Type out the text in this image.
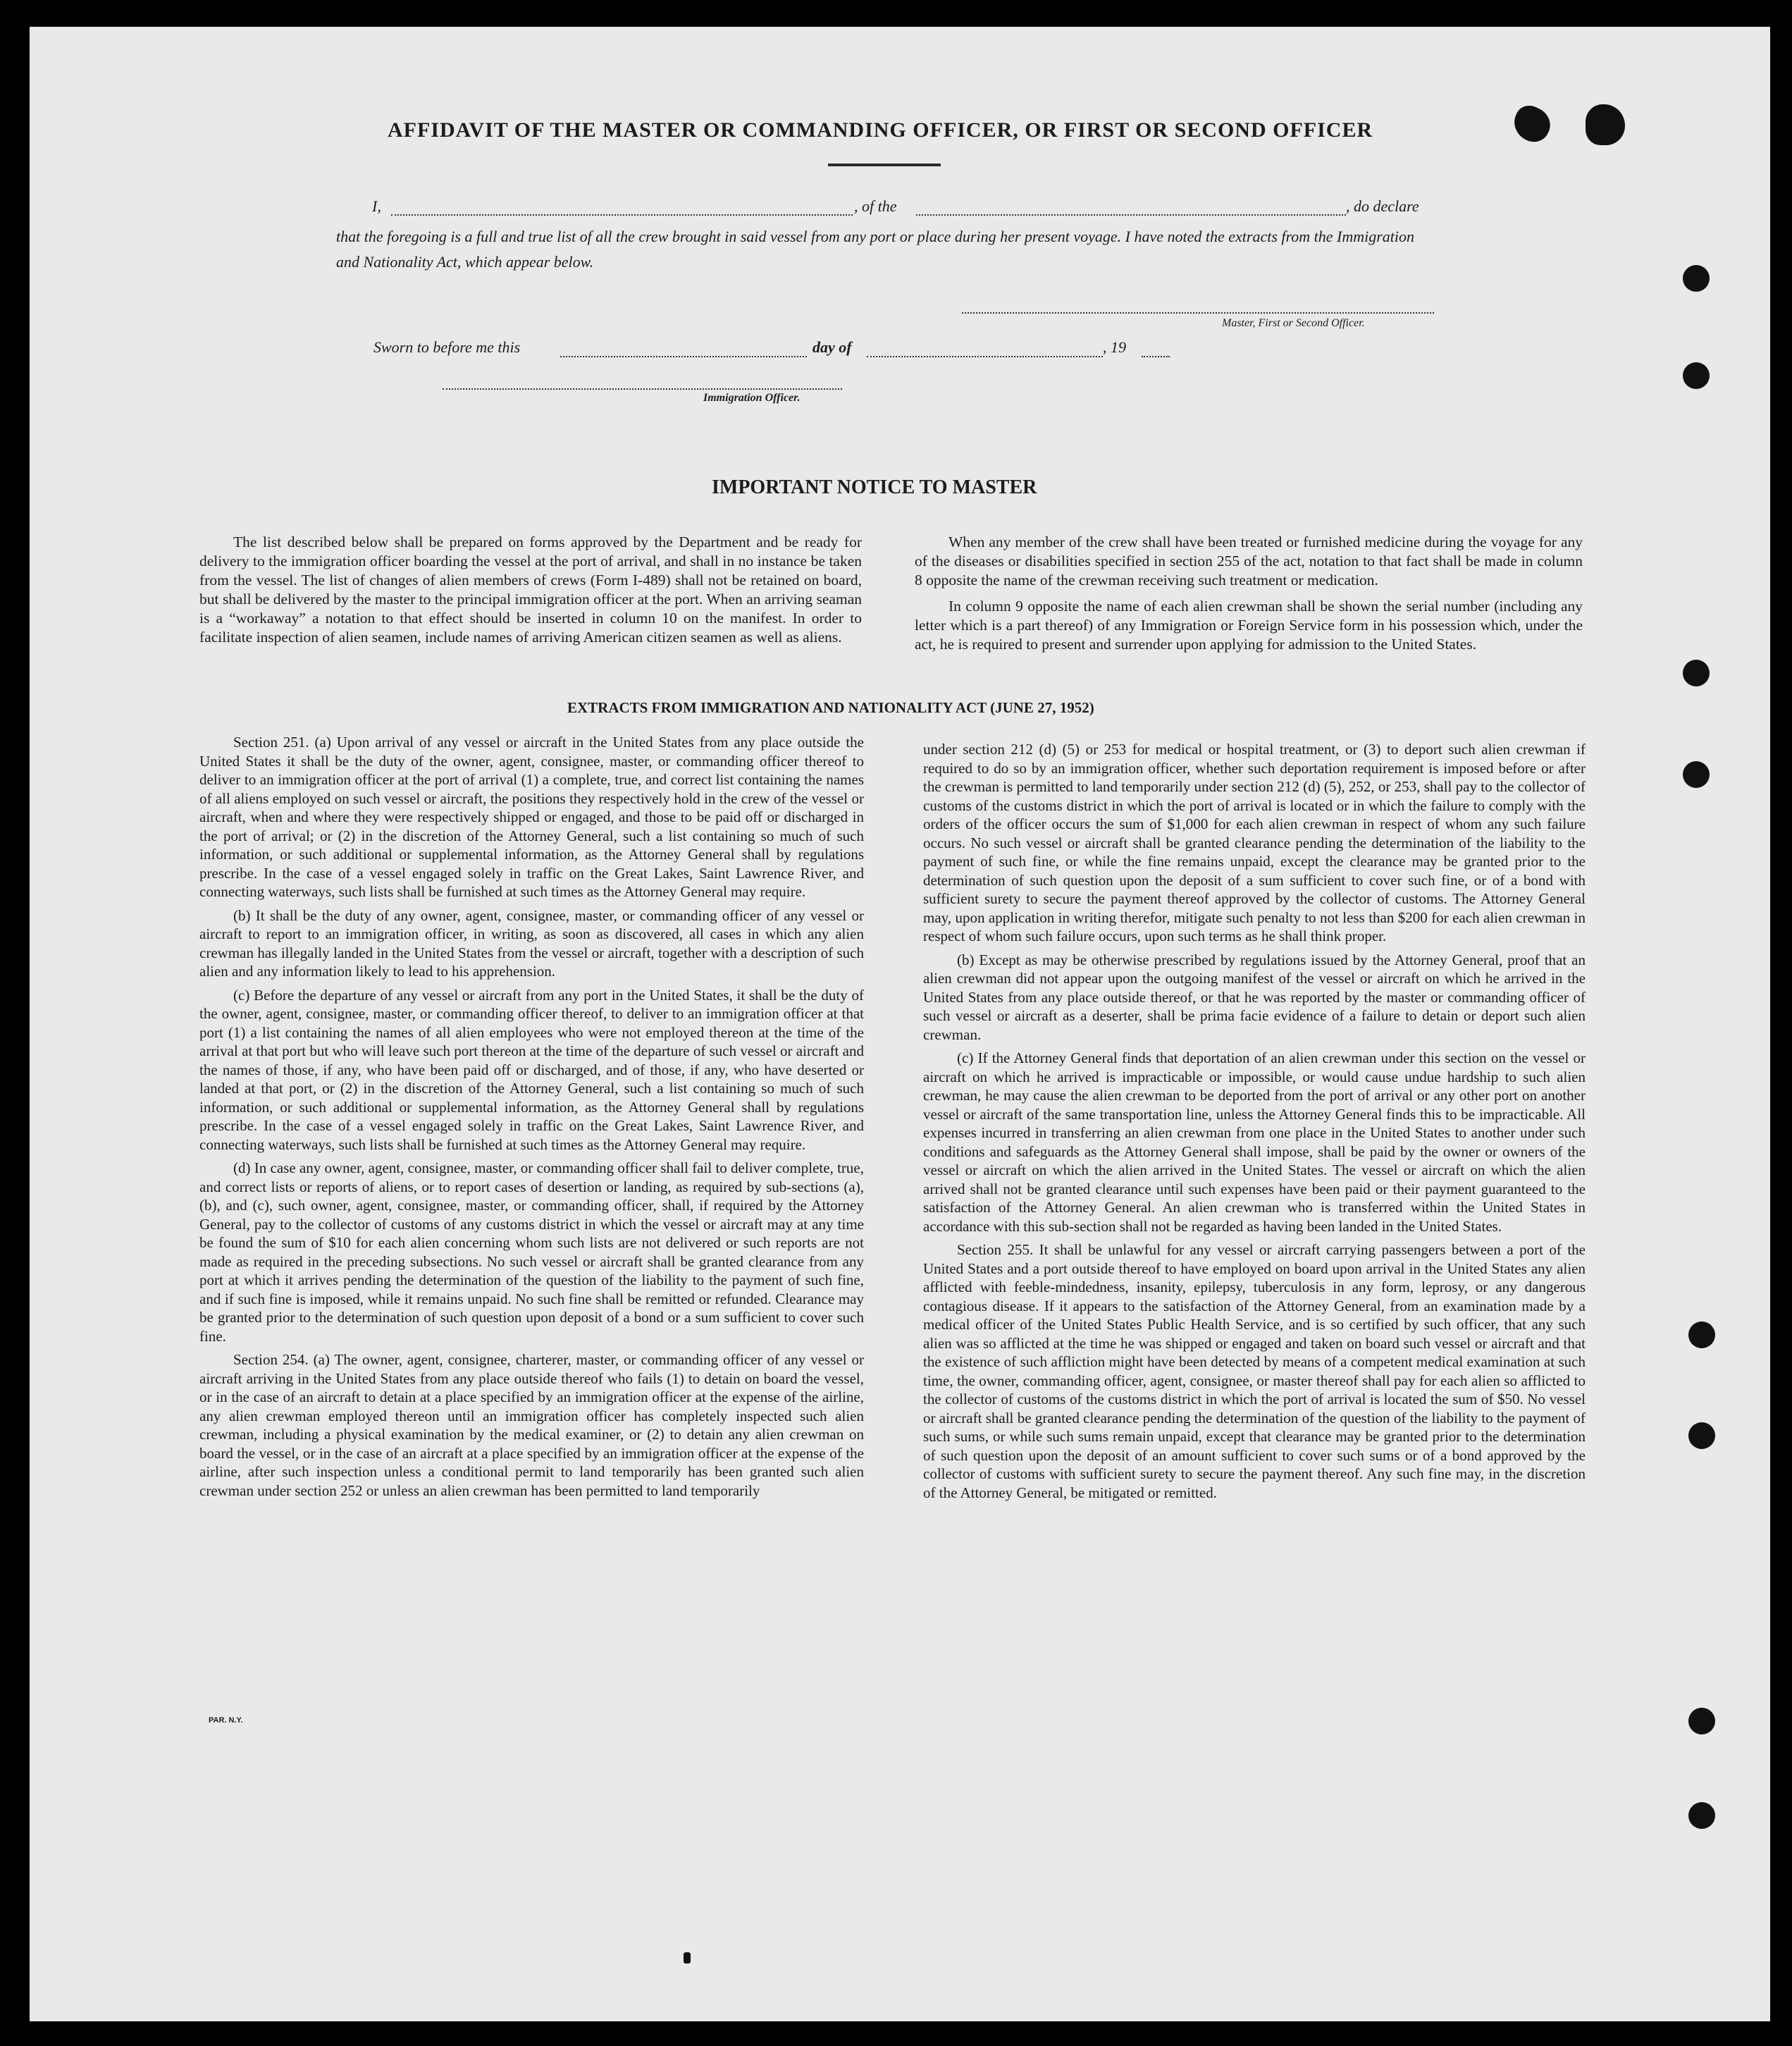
AFFIDAVIT OF THE MASTER OR COMMANDING OFFICER, OR FIRST OR SECOND OFFICER
I,	, of the	, do declare
that the foregoing is a full and true list of all the crew brought in said vessel from any port or place during her present voyage. I have noted the extracts from the Immigration and Nationality Act, which appear below.
Master, First or Second Officer.
Sworn to before me this	day of	, 19
Immigration Officer.
IMPORTANT NOTICE TO MASTER

The list described below shall be prepared on forms approved by the Department and be ready for delivery to the immigration officer boarding the vessel at the port of arrival, and shall in no instance be taken from the vessel. The list of changes of alien members of crews (Form I-489) shall not be retained on board, but shall be delivered by the master to the principal immigration officer at the port. When an arriving seaman is a “workaway” a notation to that effect should be inserted in column 10 on the manifest. In order to facilitate inspection of alien seamen, include names of arriving American citizen seamen as well as aliens.

When any member of the crew shall have been treated or furnished medicine during the voyage for any of the diseases or disabilities specified in section 255 of the act, notation to that fact shall be made in column 8 opposite the name of the crewman receiving such treatment or medication.

In column 9 opposite the name of each alien crewman shall be shown the serial number (including any letter which is a part thereof) of any Immigration or Foreign Service form in his possession which, under the act, he is required to present and surrender upon applying for admission to the United States.

EXTRACTS FROM IMMIGRATION AND NATIONALITY ACT (JUNE 27, 1952)

Section 251. (a) Upon arrival of any vessel or aircraft in the United States from any place outside the United States it shall be the duty of the owner, agent, consignee, master, or commanding officer thereof to deliver to an immigration officer at the port of arrival (1) a complete, true, and correct list containing the names of all aliens employed on such vessel or aircraft, the positions they respectively hold in the crew of the vessel or aircraft, when and where they were respectively shipped or engaged, and those to be paid off or discharged in the port of arrival; or (2) in the discretion of the Attorney General, such a list containing so much of such information, or such additional or supplemental information, as the Attorney General shall by regulations prescribe. In the case of a vessel engaged solely in traffic on the Great Lakes, Saint Lawrence River, and connecting waterways, such lists shall be furnished at such times as the Attorney General may require.

(b) It shall be the duty of any owner, agent, consignee, master, or commanding officer of any vessel or aircraft to report to an immigration officer, in writing, as soon as discovered, all cases in which any alien crewman has illegally landed in the United States from the vessel or aircraft, together with a description of such alien and any information likely to lead to his apprehension.

(c) Before the departure of any vessel or aircraft from any port in the United States, it shall be the duty of the owner, agent, consignee, master, or commanding officer thereof, to deliver to an immigration officer at that port (1) a list containing the names of all alien employees who were not employed thereon at the time of the arrival at that port but who will leave such port thereon at the time of the departure of such vessel or aircraft and the names of those, if any, who have been paid off or discharged, and of those, if any, who have deserted or landed at that port, or (2) in the discretion of the Attorney General, such a list containing so much of such information, or such additional or supplemental information, as the Attorney General shall by regulations prescribe. In the case of a vessel engaged solely in traffic on the Great Lakes, Saint Lawrence River, and connecting waterways, such lists shall be furnished at such times as the Attorney General may require.

(d) In case any owner, agent, consignee, master, or commanding officer shall fail to deliver complete, true, and correct lists or reports of aliens, or to report cases of desertion or landing, as required by sub-sections (a), (b), and (c), such owner, agent, consignee, master, or commanding officer, shall, if required by the Attorney General, pay to the collector of customs of any customs district in which the vessel or aircraft may at any time be found the sum of $10 for each alien concerning whom such lists are not delivered or such reports are not made as required in the preceding subsections. No such vessel or aircraft shall be granted clearance from any port at which it arrives pending the determination of the question of the liability to the payment of such fine, and if such fine is imposed, while it remains unpaid. No such fine shall be remitted or refunded. Clearance may be granted prior to the determination of such question upon deposit of a bond or a sum sufficient to cover such fine.

Section 254. (a) The owner, agent, consignee, charterer, master, or commanding officer of any vessel or aircraft arriving in the United States from any place outside thereof who fails (1) to detain on board the vessel, or in the case of an aircraft to detain at a place specified by an immigration officer at the expense of the airline, any alien crewman employed thereon until an immigration officer has completely inspected such alien crewman, including a physical examination by the medical examiner, or (2) to detain any alien crewman on board the vessel, or in the case of an aircraft at a place specified by an immigration officer at the expense of the airline, after such inspection unless a conditional permit to land temporarily has been granted such alien crewman under section 252 or unless an alien crewman has been permitted to land temporarily

under section 212 (d) (5) or 253 for medical or hospital treatment, or (3) to deport such alien crewman if required to do so by an immigration officer, whether such deportation requirement is imposed before or after the crewman is permitted to land temporarily under section 212 (d) (5), 252, or 253, shall pay to the collector of customs of the customs district in which the port of arrival is located or in which the failure to comply with the orders of the officer occurs the sum of $1,000 for each alien crewman in respect of whom any such failure occurs. No such vessel or aircraft shall be granted clearance pending the determination of the liability to the payment of such fine, or while the fine remains unpaid, except the clearance may be granted prior to the determination of such question upon the deposit of a sum sufficient to cover such fine, or of a bond with sufficient surety to secure the payment thereof approved by the collector of customs. The Attorney General may, upon application in writing therefor, mitigate such penalty to not less than $200 for each alien crewman in respect of whom such failure occurs, upon such terms as he shall think proper.

(b) Except as may be otherwise prescribed by regulations issued by the Attorney General, proof that an alien crewman did not appear upon the outgoing manifest of the vessel or aircraft on which he arrived in the United States from any place outside thereof, or that he was reported by the master or commanding officer of such vessel or aircraft as a deserter, shall be prima facie evidence of a failure to detain or deport such alien crewman.

(c) If the Attorney General finds that deportation of an alien crewman under this section on the vessel or aircraft on which he arrived is impracticable or impossible, or would cause undue hardship to such alien crewman, he may cause the alien crewman to be deported from the port of arrival or any other port on another vessel or aircraft of the same transportation line, unless the Attorney General finds this to be impracticable. All expenses incurred in transferring an alien crewman from one place in the United States to another under such conditions and safeguards as the Attorney General shall impose, shall be paid by the owner or owners of the vessel or aircraft on which the alien arrived in the United States. The vessel or aircraft on which the alien arrived shall not be granted clearance until such expenses have been paid or their payment guaranteed to the satisfaction of the Attorney General. An alien crewman who is transferred within the United States in accordance with this sub-section shall not be regarded as having been landed in the United States.

Section 255. It shall be unlawful for any vessel or aircraft carrying passengers between a port of the United States and a port outside thereof to have employed on board upon arrival in the United States any alien afflicted with feeble-mindedness, insanity, epilepsy, tuberculosis in any form, leprosy, or any dangerous contagious disease. If it appears to the satisfaction of the Attorney General, from an examination made by a medical officer of the United States Public Health Service, and is so certified by such officer, that any such alien was so afflicted at the time he was shipped or engaged and taken on board such vessel or aircraft and that the existence of such affliction might have been detected by means of a competent medical examination at such time, the owner, commanding officer, agent, consignee, or master thereof shall pay for each alien so afflicted to the collector of customs of the customs district in which the port of arrival is located the sum of $50. No vessel or aircraft shall be granted clearance pending the determination of the question of the liability to the payment of such sums, or while such sums remain unpaid, except that clearance may be granted prior to the determination of such question upon the deposit of an amount sufficient to cover such sums or of a bond approved by the collector of customs with sufficient surety to secure the payment thereof. Any such fine may, in the discretion of the Attorney General, be mitigated or remitted.

PAR. N.Y.
